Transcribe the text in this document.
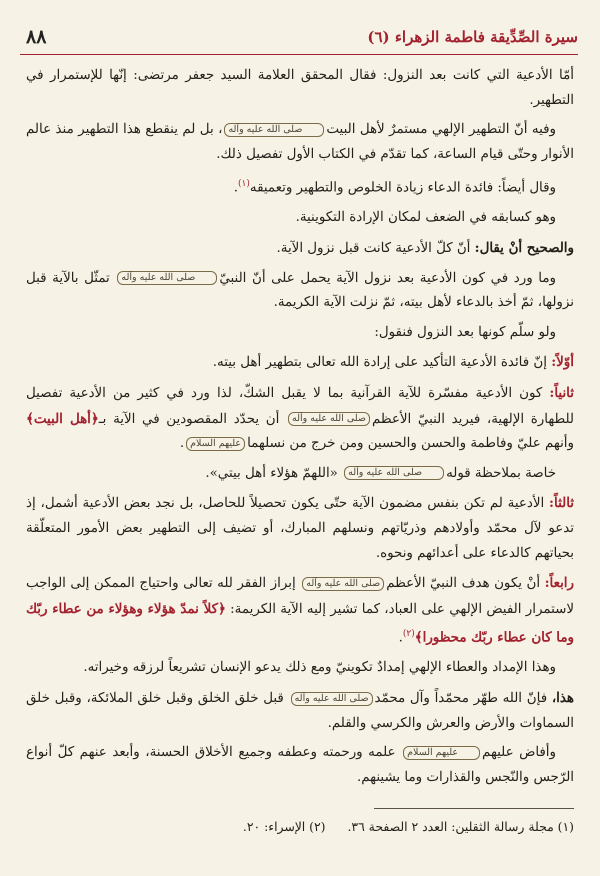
٨٨	سيرة الصِّدِّيقة فاطمة الزهراء (٦)

أمّا الأدعية التي كانت بعد النزول: فقال المحقق العلامة السيد جعفر مرتضى: إنّها للإستمرار في التطهير.

وفيه أنّ التطهير الإلهي مستمرٌ لأهل البيتصلى الله عليه وآله، بل لم ينقطع هذا التطهير منذ عالم الأنوار وحتّى قيام الساعة، كما تقدّم في الكتاب الأول تفصيل ذلك.

وقال أيضاً: فائدة الدعاء زيادة الخلوص والتطهير وتعميقه$^{(١)}$.

وهو كسابقه في الضعف لمكان الإرادة التكوينية.

والصحيح أنْ يقال: أنّ كلّ الأدعية كانت قبل نزول الآية.

وما ورد في كون الأدعية بعد نزول الآية يحمل على أنّ النبيّصلى الله عليه وآله تمثّل بالآية قبل نزولها، ثمّ أخذ بالدعاء لأهل بيته، ثمّ نزلت الآية الكريمة.

ولو سلّم كونها بعد النزول فنقول:

أوّلاً: إنّ فائدة الأدعية التأكيد على إرادة الله تعالى بتطهير أهل بيته.

ثانياً: كون الأدعية مفسّرة للآية القرآنية بما لا يقبل الشكّ، لذا ورد في كثير من الأدعية تفصيل للطهارة الإلهية، فيريد النبيّ الأعظمصلى الله عليه وآله أن يحدّد المقصودين في الآية بـ﴿أهل البيت﴾ وأنهم عليّ وفاطمة والحسن والحسين ومن خرج من نسلهماعليهم السلام.

خاصة بملاحظة قولهصلى الله عليه وآله «اللهمّ هؤلاء أهل بيتي».

ثالثاً: الأدعية لم تكن بنفس مضمون الآية حتّى يكون تحصيلاً للحاصل، بل نجد بعض الأدعية أشمل، إذ تدعو لآل محمّد وأولادهم وذريّاتهم ونسلهم المبارك، أو تضيف إلى التطهير بعض الأمور المتعلّقة بحياتهم كالدعاء على أعدائهم ونحوه.

رابعاً: أنْ يكون هدف النبيّ الأعظمصلى الله عليه وآله إبراز الفقر لله تعالى واحتياج الممكن إلى الواجب لاستمرار الفيض الإلهي على العباد، كما تشير إليه الآية الكريمة: ﴿كلاً نمدّ هؤلاء وهؤلاء من عطاء ربّك وما كان عطاء ربّك محظورا﴾$^{(٢)}$.

وهذا الإمداد والعطاء الإلهي إمدادٌ تكوينيّ ومع ذلك يدعو الإنسان تشريعاً لرزقه وخيراته.

هذا، فإنّ الله طهّر محمّداً وآل محمّدصلى الله عليه وآله قبل خلق الخلق وقبل خلق الملائكة، وقبل خلق السماوات والأرض والعرش والكرسي والقلم.

وأفاض عليهمعليهم السلام علمه ورحمته وعطفه وجميع الأخلاق الحسنة، وأبعد عنهم كلّ أنواع الرّجس والنّجس والقذارات وما يشينهم.

(١) مجلة رسالة الثقلين: العدد ٢ الصفحة ٣٦. (٢) الإسراء: ٢٠.
